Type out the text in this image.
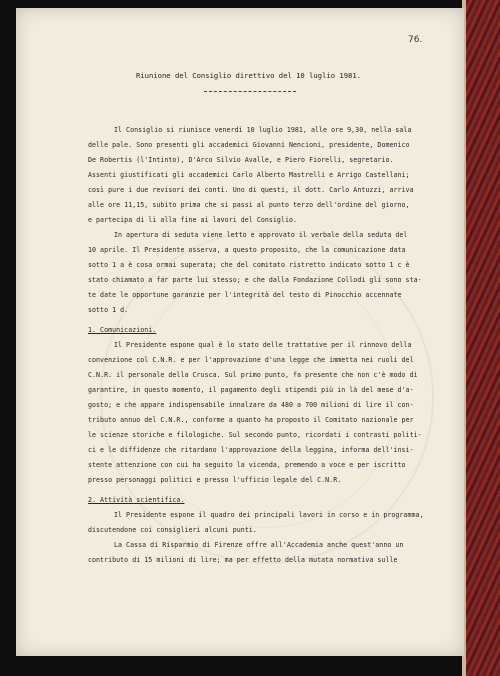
76.
Riunione del Consiglio direttivo del 10 luglio 1981.
Il Consiglio si riunisce venerdì 10 luglio 1981, alle ore 9,30, nella sala
delle pale. Sono presenti gli accademici Giovanni Nencioni, presidente, Domenico
De Robertis (l'Intinto), D'Arco Silvio Avalle, e Piero Fiorelli, segretario.
Assenti giustificati gli accademici Carlo Alberto Mastrelli e Arrigo Castellani;
così pure i due revisori dei conti. Uno di questi, il dott. Carlo Antuzzi, arriva
alle ore 11,15, subito prima che si passi al punto terzo dell'ordine del giorno,
e partecipa di lì alla fine ai lavori del Consiglio.
In apertura di seduta viene letto e approvato il verbale della seduta del
10 aprile. Il Presidente osserva, a questo proposito, che la comunicazione data
sotto 1 a è cosa ormai superata; che del comitato ristretto indicato sotto 1 c è
stato chiamato a far parte lui stesso; e che dalla Fondazione Collodi gli sono sta-
te date le opportune garanzie per l'integrità del testo di Pinocchio accennate
sotto 1 d.
1. Comunicazioni.
Il Presidente espone qual è lo stato delle trattative per il rinnovo della
convenzione col C.N.R. e per l'approvazione d'una legge che immetta nei ruoli del
C.N.R. il personale della Crusca. Sul primo punto, fa presente che non c'è modo di
garantire, in questo momento, il pagamento degli stipendi più in là del mese d'a-
gosto; e che appare indispensabile innalzare da 480 a 700 milioni di lire il con-
tributo annuo del C.N.R., conforme a quanto ha proposto il Comitato nazionale per
le scienze storiche e filologiche. Sul secondo punto, ricordati i contrasti politi-
ci e le diffidenze che ritardano l'approvazione della leggina, informa dell'insi-
stente attenzione con cui ha seguito la vicenda, premendo a voce e per iscritto
presso personaggi politici e presso l'ufficio legale del C.N.R.
2. Attività scientifica.
Il Presidente espone il quadro dei principali lavori in corso e in programma,
discutendone coi consiglieri alcuni punti.
La Cassa di Risparmio di Firenze offre all'Accademia anche quest'anno un
contributo di 15 milioni di lire; ma per effetto della mutata normativa sulle
